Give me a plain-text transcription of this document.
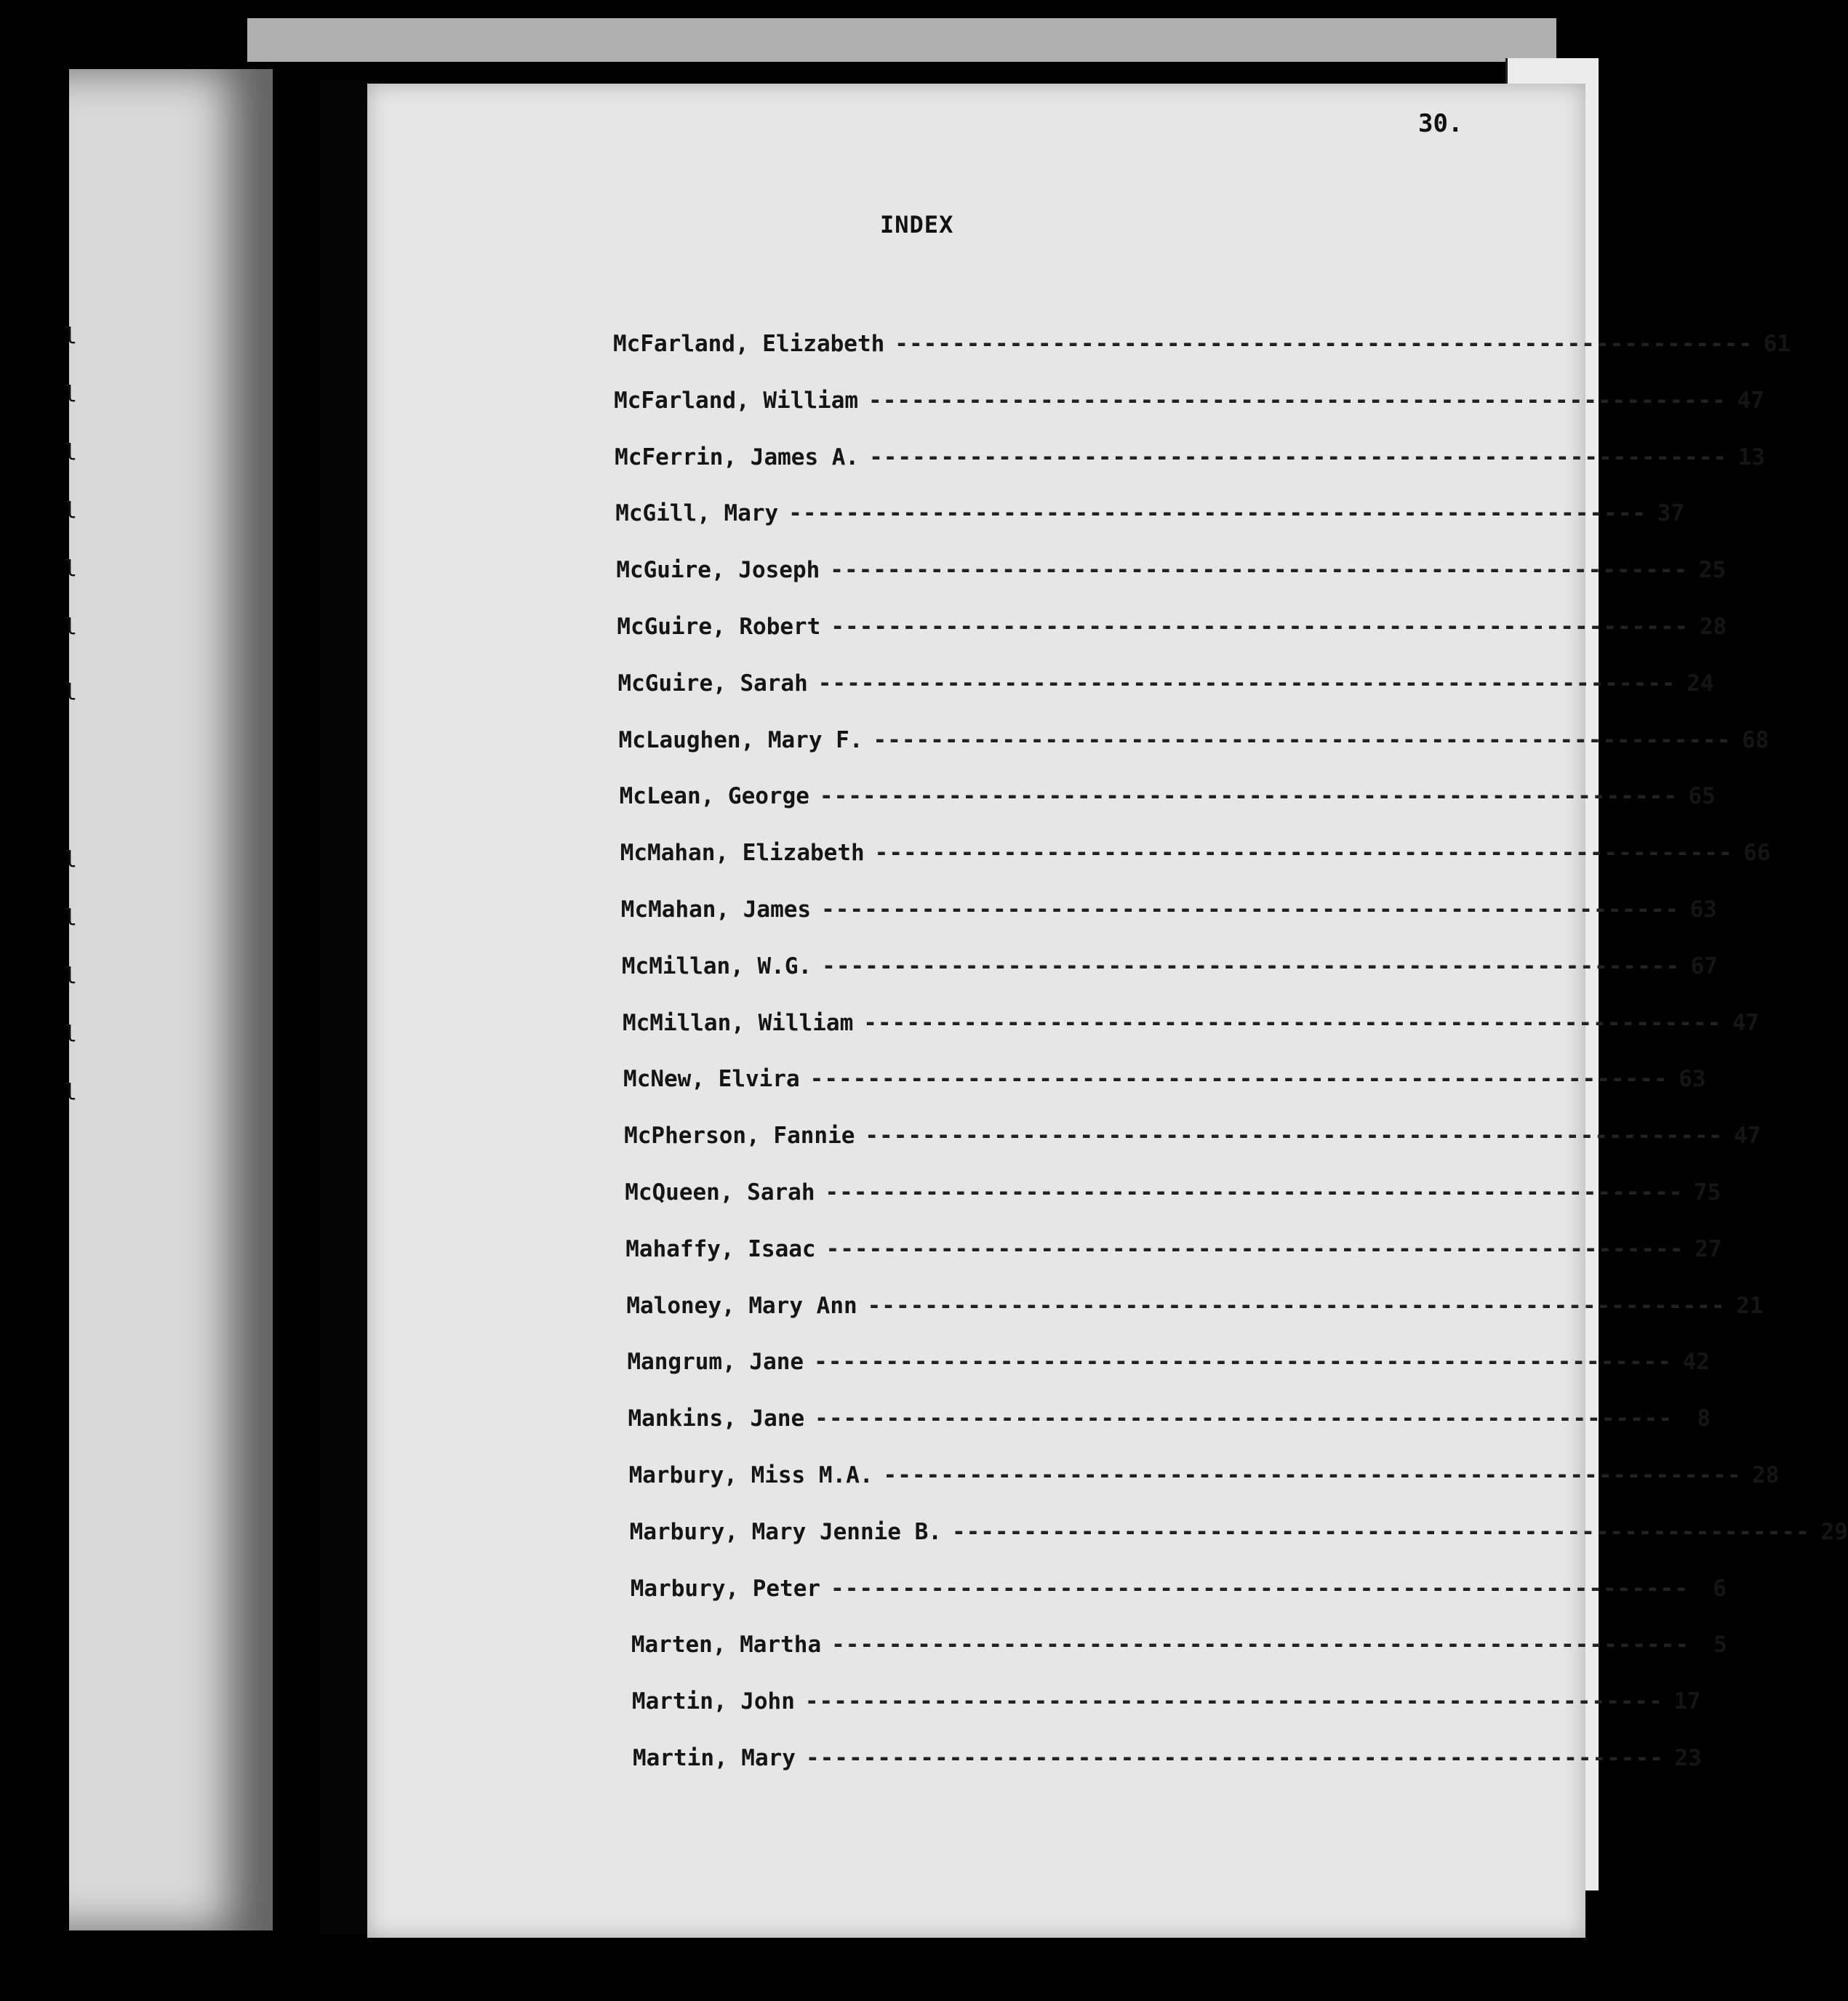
l
l
l
l
l
l
l
l
l
l
l
l
30.
INDEX
McFarland, Elizabeth ------------------------------------------------------------ 61
McFarland, William ------------------------------------------------------------ 47
McFerrin, James A. ------------------------------------------------------------ 13
McGill, Mary ------------------------------------------------------------ 37
McGuire, Joseph ------------------------------------------------------------ 25
McGuire, Robert ------------------------------------------------------------ 28
McGuire, Sarah ------------------------------------------------------------ 24
McLaughen, Mary F. ------------------------------------------------------------ 68
McLean, George ------------------------------------------------------------ 65
McMahan, Elizabeth ------------------------------------------------------------ 66
McMahan, James ------------------------------------------------------------ 63
McMillan, W.G. ------------------------------------------------------------ 67
McMillan, William ------------------------------------------------------------ 47
McNew, Elvira ------------------------------------------------------------ 63
McPherson, Fannie ------------------------------------------------------------ 47
McQueen, Sarah ------------------------------------------------------------ 75
Mahaffy, Isaac ------------------------------------------------------------ 27
Maloney, Mary Ann ------------------------------------------------------------ 21
Mangrum, Jane ------------------------------------------------------------ 42
Mankins, Jane ------------------------------------------------------------	8
Marbury, Miss M.A. ------------------------------------------------------------ 28
Marbury, Mary Jennie B. ------------------------------------------------------------ 29
Marbury, Peter ------------------------------------------------------------	6
Marten, Martha ------------------------------------------------------------	5
Martin, John ------------------------------------------------------------ 17
Martin, Mary ------------------------------------------------------------ 23
